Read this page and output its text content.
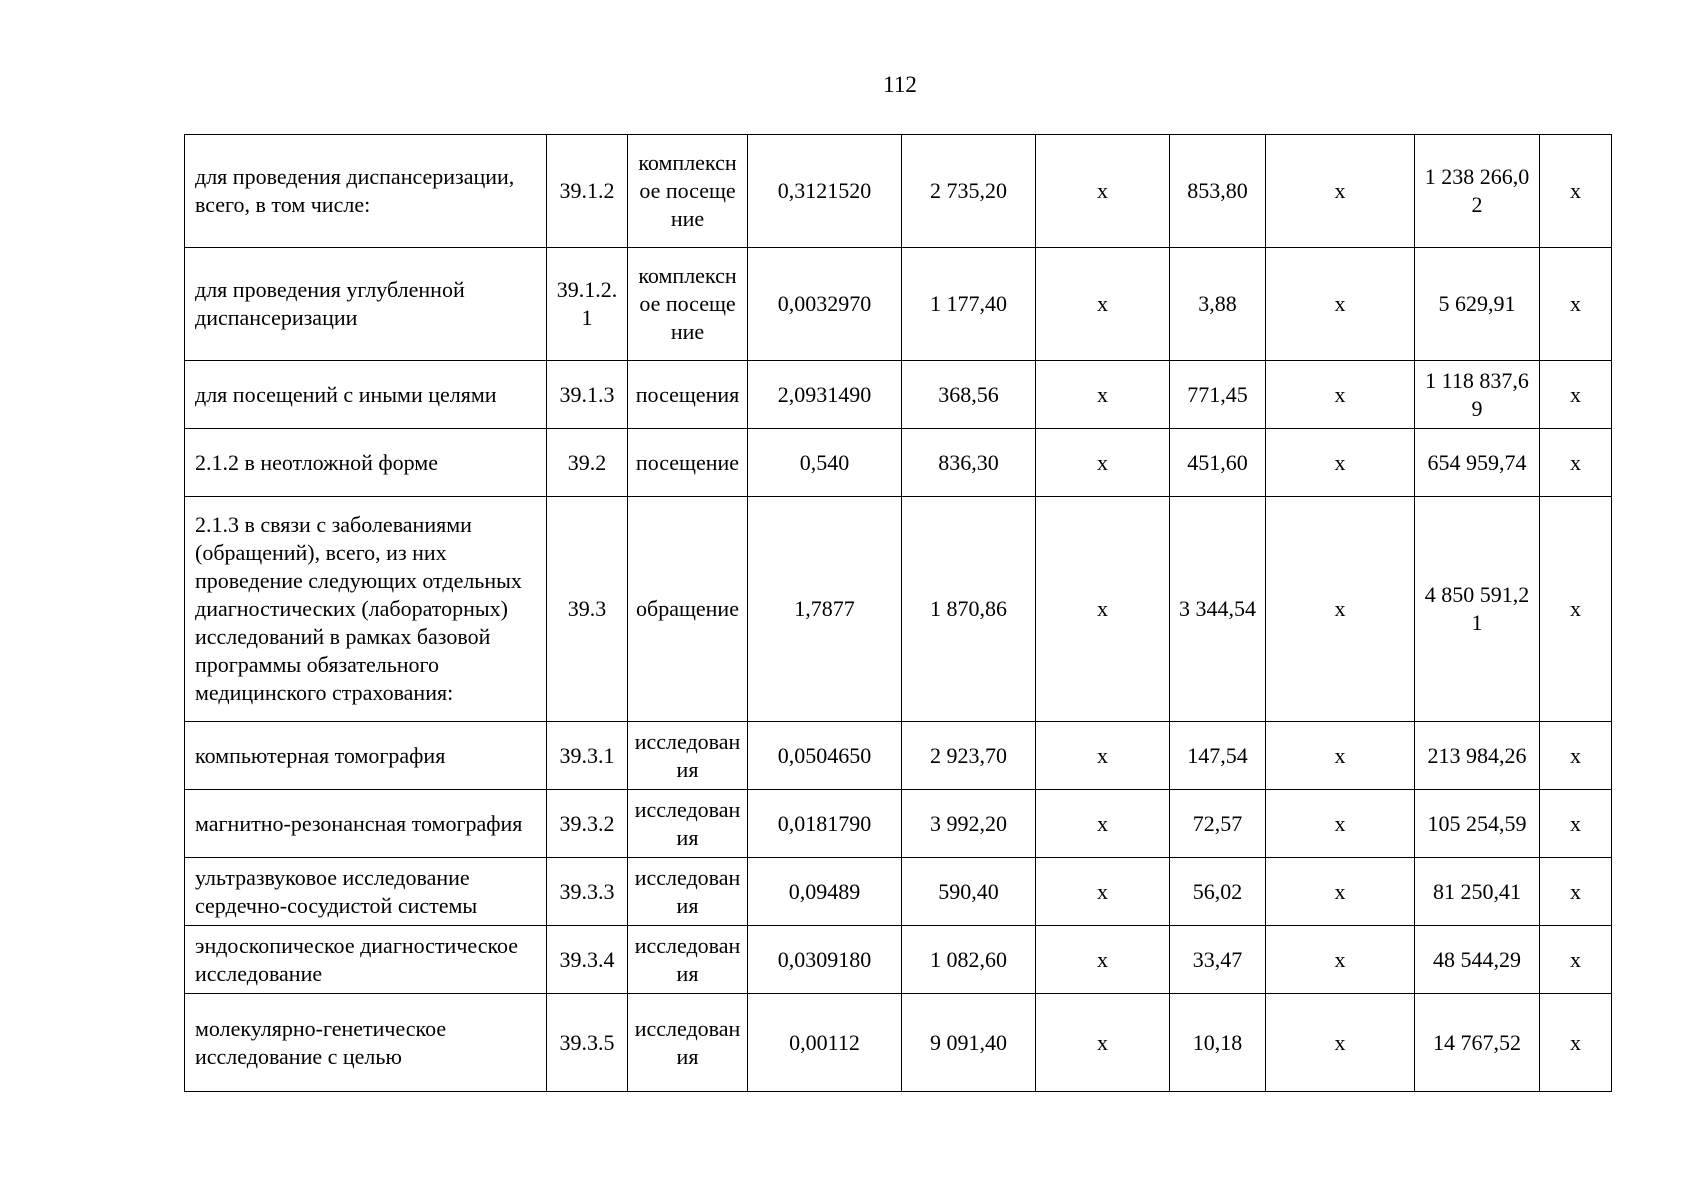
112
для проведения диспансеризации, всего, в том числе:	39.1.2	комплексное посещение	0,3121520	2 735,20	х	853,80	х	1 238 266,02	х
для проведения углубленной диспансеризации	39.1.2.1	комплексное посещение	0,0032970	1 177,40	х	3,88	х	5 629,91	х
для посещений с иными целями	39.1.3	посещения	2,0931490	368,56	х	771,45	х	1 118 837,69	х
2.1.2 в неотложной форме	39.2	посещение	0,540	836,30	х	451,60	х	654 959,74	х
2.1.3 в связи с заболеваниями (обращений), всего, из них проведение следующих отдельных диагностических (лабораторных) исследований в рамках базовой программы обязательного медицинского страхования:	39.3	обращение	1,7877	1 870,86	х	3 344,54	х	4 850 591,21	х
компьютерная томография	39.3.1	исследования	0,0504650	2 923,70	х	147,54	х	213 984,26	х
магнитно-резонансная томография	39.3.2	исследования	0,0181790	3 992,20	х	72,57	х	105 254,59	х
ультразвуковое исследование сердечно-сосудистой системы	39.3.3	исследования	0,09489	590,40	х	56,02	х	81 250,41	х
эндоскопическое диагностическое исследование	39.3.4	исследования	0,0309180	1 082,60	х	33,47	х	48 544,29	х
молекулярно-генетическое исследование с целью	39.3.5	исследования	0,00112	9 091,40	х	10,18	х	14 767,52	х
